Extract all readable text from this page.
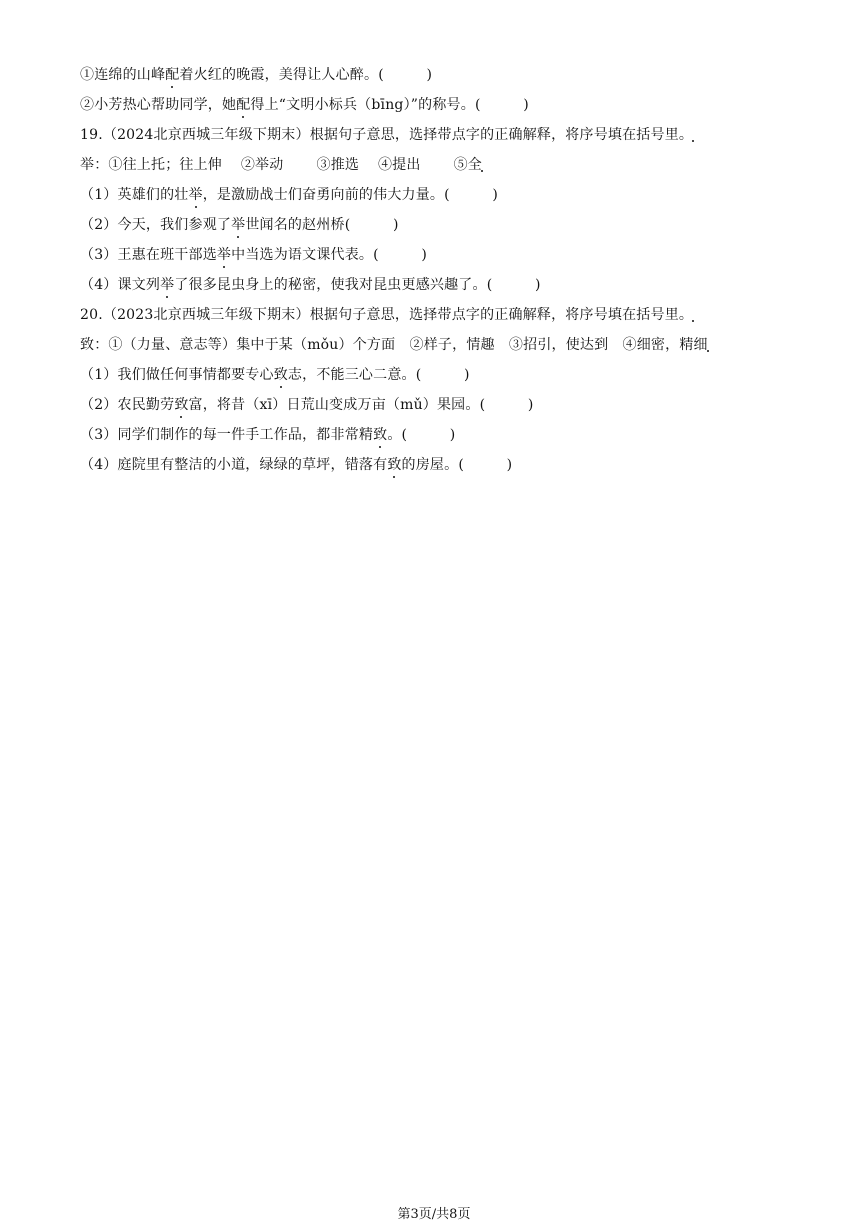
①连绵的山峰配着火红的晚霞，美得让人心醉。(　　　)
②小芳热心帮助同学，她配得上“文明小标兵（bīng）”的称号。(　　　)
19.（2024北京西城三年级下期末）根据句子意思，选择带点字的正确解释，将序号填在括号里。
举：①往上托；往上伸　 ②举动　　 ③推选　 ④提出　　 ⑤全
（1）英雄们的壮举，是激励战士们奋勇向前的伟大力量。(　　　)
（2）今天，我们参观了举世闻名的赵州桥(　　　)
（3）王惠在班干部选举中当选为语文课代表。(　　　)
（4）课文列举了很多昆虫身上的秘密，使我对昆虫更感兴趣了。(　　　)
20.（2023北京西城三年级下期末）根据句子意思，选择带点字的正确解释，将序号填在括号里。
致：①（力量、意志等）集中于某（mǒu）个方面　②样子，情趣　③招引，使达到　④细密，精细
（1）我们做任何事情都要专心致志，不能三心二意。(　　　)
（2）农民勤劳致富，将昔（xī）日荒山变成万亩（mǔ）果园。(　　　)
（3）同学们制作的每一件手工作品，都非常精致。(　　　)
（4）庭院里有整洁的小道，绿绿的草坪，错落有致的房屋。(　　　)
第3页/共8页
